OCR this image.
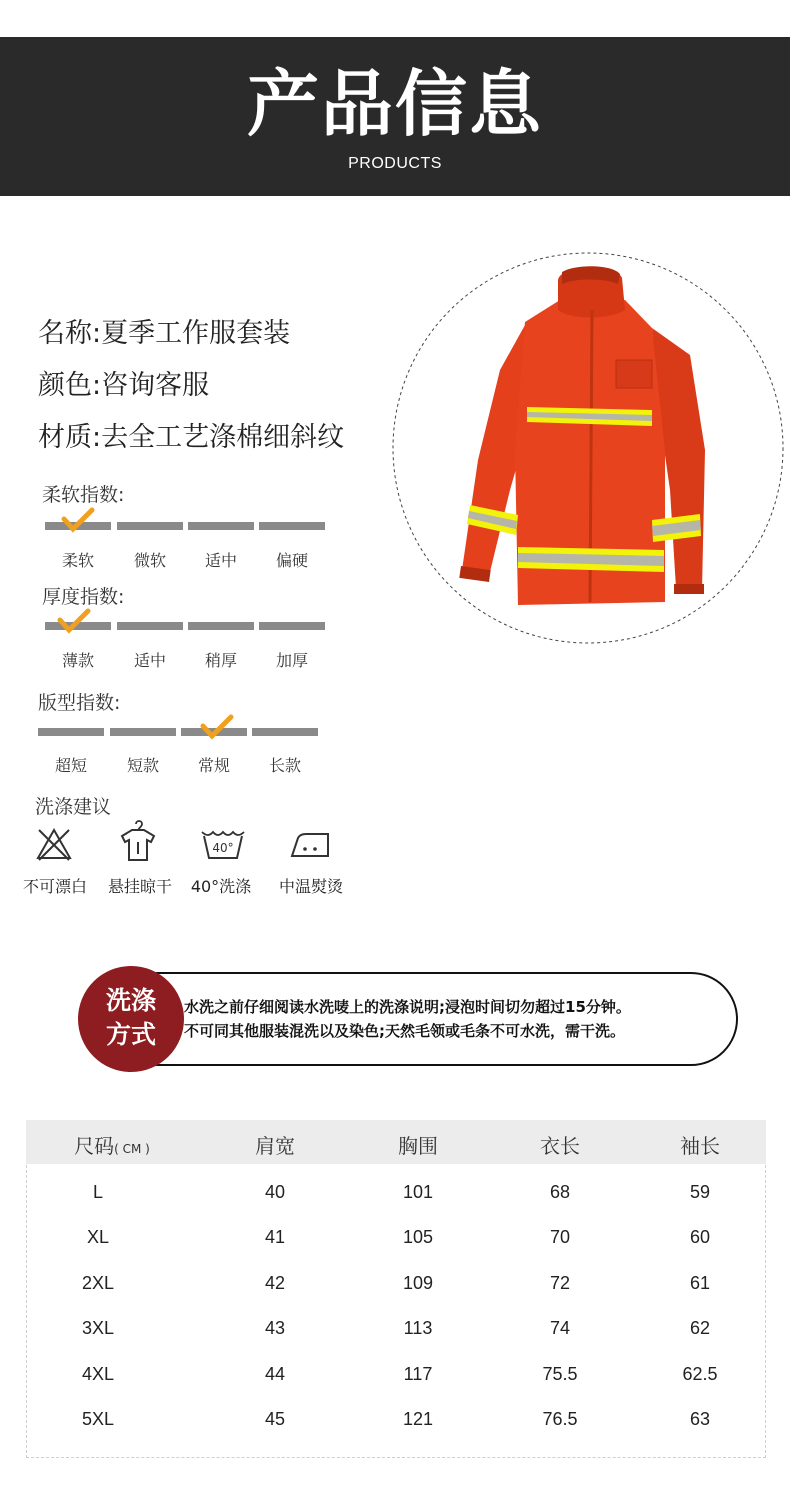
产品信息
PRODUCTS
名称:夏季工作服套装
颜色:咨询客服
材质:去全工艺涤棉细斜纹
柔软指数:
柔软	微软	适中	偏硬
厚度指数:
薄款	适中	稍厚	加厚
版型指数:
超短	短款	常规	长款
洗涤建议
不可漂白	悬挂晾干
40°
40°洗涤	中温熨烫
洗涤
方式
水洗之前仔细阅读水洗唛上的洗涤说明;浸泡时间切勿超过15分钟。
不可同其他服装混洗以及染色;天然毛领或毛条不可水洗，需干洗。
尺码( CM )	肩宽	胸围	衣长	袖长
L	40	101	68	59
XL	41	105	70	60
2XL	42	109	72	61
3XL	43	113	74	62
4XL	44	117	75.5	62.5
5XL	45	121	76.5	63
